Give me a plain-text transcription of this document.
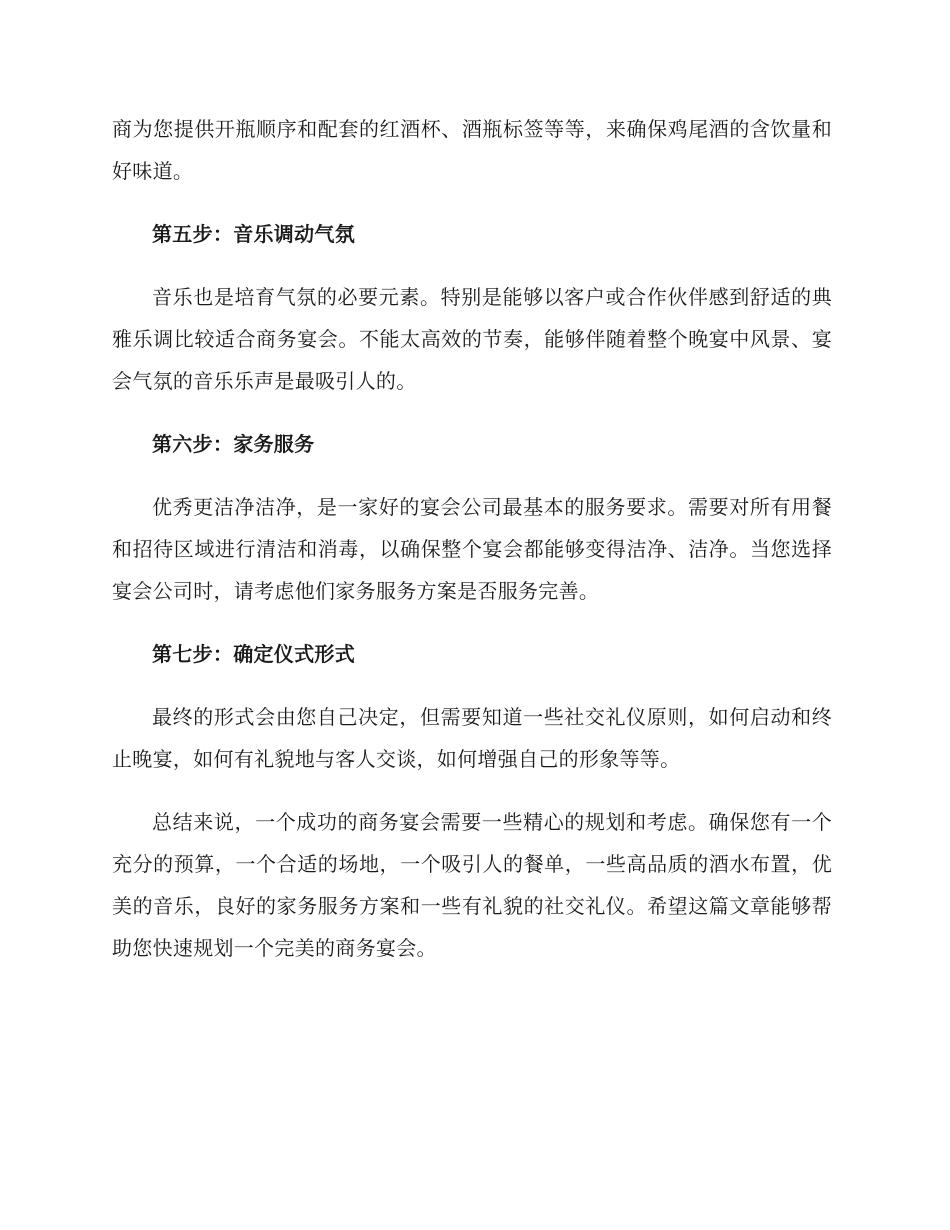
商为您提供开瓶顺序和配套的红酒杯、酒瓶标签等等，来确保鸡尾酒的含饮量和好味道。

第五步：音乐调动气氛

音乐也是培育气氛的必要元素。特别是能够以客户或合作伙伴感到舒适的典雅乐调比较适合商务宴会。不能太高效的节奏，能够伴随着整个晚宴中风景、宴会气氛的音乐乐声是最吸引人的。

第六步：家务服务

优秀更洁净洁净，是一家好的宴会公司最基本的服务要求。需要对所有用餐和招待区域进行清洁和消毒，以确保整个宴会都能够变得洁净、洁净。当您选择宴会公司时，请考虑他们家务服务方案是否服务完善。

第七步：确定仪式形式

最终的形式会由您自己决定，但需要知道一些社交礼仪原则，如何启动和终止晚宴，如何有礼貌地与客人交谈，如何增强自己的形象等等。

总结来说，一个成功的商务宴会需要一些精心的规划和考虑。确保您有一个充分的预算，一个合适的场地，一个吸引人的餐单，一些高品质的酒水布置，优美的音乐，良好的家务服务方案和一些有礼貌的社交礼仪。希望这篇文章能够帮助您快速规划一个完美的商务宴会。
